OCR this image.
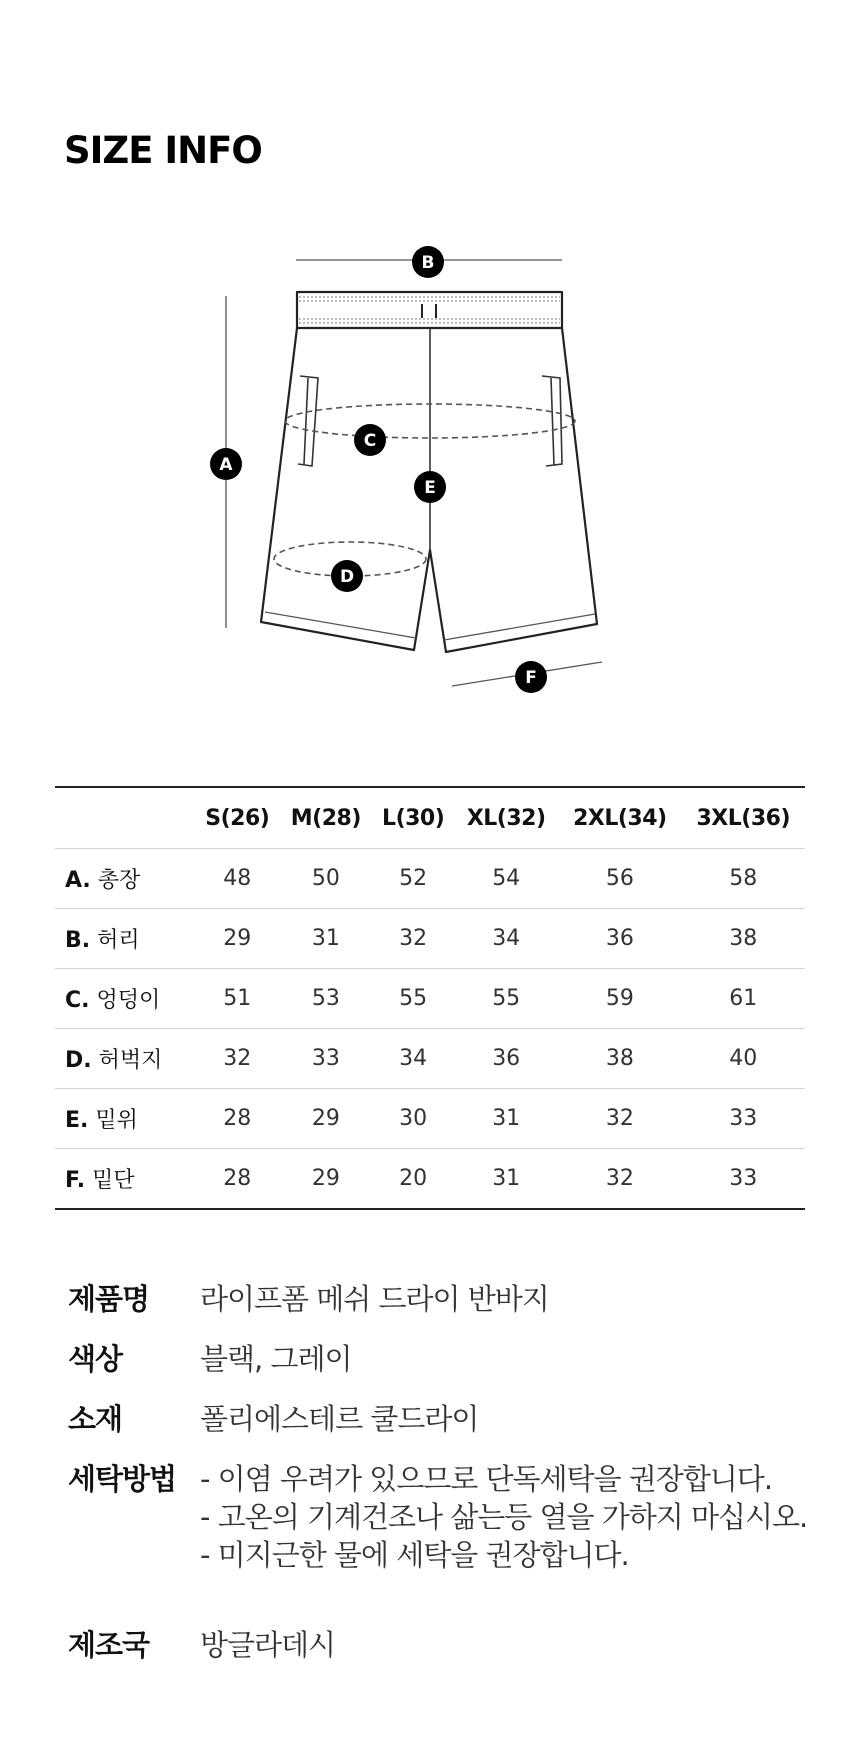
SIZE INFO
A
B
C
D
E
F
	S(26)	M(28)	L(30)	XL(32)	2XL(34)	3XL(36)
A. 총장	48	50	52	54	56	58
B. 허리	29	31	32	34	36	38
C. 엉덩이	51	53	55	55	59	61
D. 허벅지	32	33	34	36	38	40
E. 밑위	28	29	30	31	32	33
F. 밑단	28	29	20	31	32	33
제품명	라이프폼 메쉬 드라이 반바지
색상	블랙, 그레이
소재	폴리에스테르 쿨드라이
세탁방법 - 이염 우려가 있으므로 단독세탁을 권장합니다.
- 고온의 기계건조나 삶는등 열을 가하지 마십시오.
- 미지근한 물에 세탁을 권장합니다.
제조국	방글라데시
